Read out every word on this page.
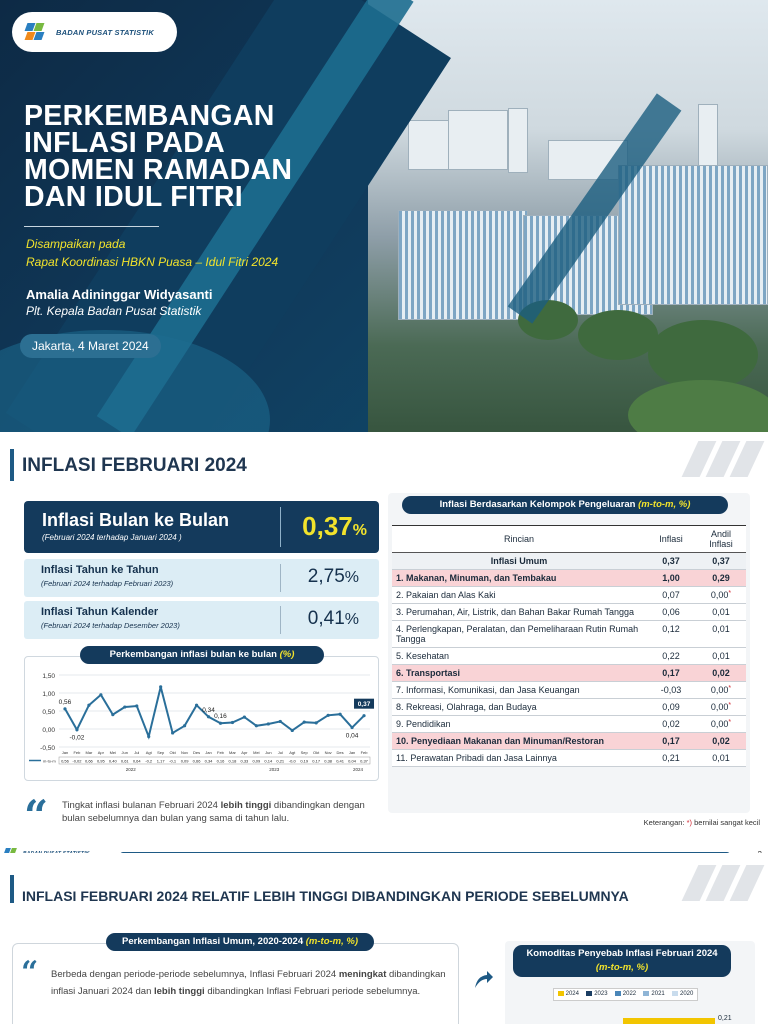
BADAN PUSAT STATISTIK
PERKEMBANGAN INFLASI PADA MOMEN RAMADAN DAN IDUL FITRI
Disampaikan pada
Rapat Koordinasi HBKN Puasa – Idul Fitri 2024
Amalia Adininggar Widyasanti
Plt. Kepala Badan Pusat Statistik
Jakarta, 4 Maret 2024
INFLASI FEBRUARI 2024
Inflasi Bulan ke Bulan
(Februari 2024 terhadap Januari 2024 )	0,37%
Inflasi Tahun ke Tahun
(Februari 2024 terhadap Februari 2023)	2,75%
Inflasi Tahun Kalender
(Februari 2024 terhadap Desember 2023)	0,41%
1,50
1,00
0,50
0,00
-0,50
0,56
-0,02
0,34
0,16
0,04
0,37
Jan Feb Mar Apr Mei Jun Jul Agt Sep Okt Nov Des Jan Feb Mar Apr Mei Jun Jul Agt Sep Okt Nov Des Jan Feb
m-to-m 0,56 -0,02 0,66 0,95 0,40 0,61 0,64 -0,2 1,17 -0,1 0,09 0,66 0,34 0,16 0,18 0,33 0,09 0,14 0,21 -0,0 0,19 0,17 0,38 0,41 0,04 0,37
2022	2023	2024
Perkembangan inflasi bulan ke bulan (%)
“ Tingkat inflasi bulanan Februari 2024 lebih tinggi dibandingkan dengan bulan sebelumnya dan bulan yang sama di tahun lalu.
Inflasi Berdasarkan Kelompok Pengeluaran (m-to-m, %)
Rincian	Inflasi	Andil Inflasi
Inflasi Umum	0,37	0,37
1. Makanan, Minuman, dan Tembakau	1,00	0,29
2. Pakaian dan Alas Kaki	0,07	0,00*
3. Perumahan, Air, Listrik, dan Bahan Bakar Rumah Tangga	0,06	0,01
4. Perlengkapan, Peralatan, dan Pemeliharaan Rutin Rumah Tangga	0,12	0,01
5. Kesehatan	0,22	0,01
6. Transportasi	0,17	0,02
7. Informasi, Komunikasi, dan Jasa Keuangan	-0,03	0,00*
8. Rekreasi, Olahraga, dan Budaya	0,09	0,00*
9. Pendidikan	0,02	0,00*
10. Penyediaan Makanan dan Minuman/Restoran	0,17	0,02
11. Perawatan Pribadi dan Jasa Lainnya	0,21	0,01
Keterangan: *) bernilai sangat kecil
INFLASI FEBRUARI 2024 RELATIF LEBIH TINGGI DIBANDINGKAN PERIODE SEBELUMNYA
“ Berbeda dengan periode-periode sebelumnya, Inflasi Februari 2024 meningkat dibandingkan inflasi Januari 2024 dan lebih tinggi dibandingkan Inflasi Februari periode sebelumnya.
Perkembangan Inflasi Umum, 2020-2024 (m-to-m, %)
Komoditas Penyebab Inflasi Februari 2024
(m-to-m, %)
2024	2023	2022	2021	2020
0,21
